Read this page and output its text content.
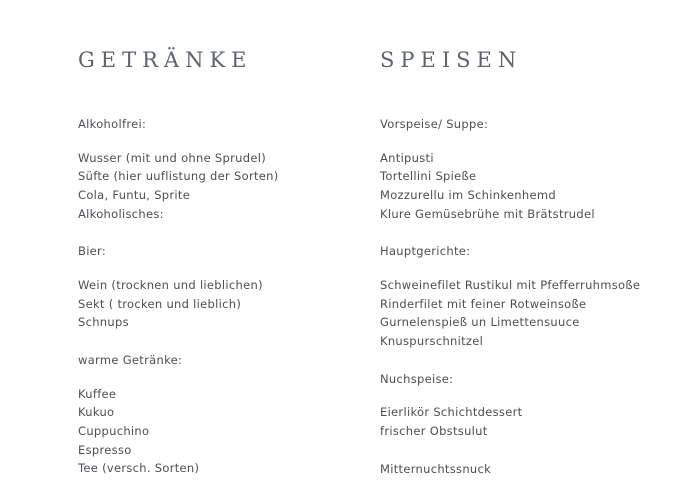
GETRÄNKE
Alkoholfrei:
Wusser (mit und ohne Sprudel)
Süfte (hier uuflistung der Sorten)
Cola, Funtu, Sprite
Alkoholisches:
Bier:
Wein (trocknen und lieblichen)
Sekt ( trocken und lieblich)
Schnups
warme Getränke:
Kuffee
Kukuo
Cuppuchino
Espresso
Tee (versch. Sorten)
SPEISEN
Vorspeise/ Suppe:
Antipusti
Tortellini Spieße
Mozzurellu im Schinkenhemd
Klure Gemüsebrühe mit Brätstrudel
Hauptgerichte:
Schweinefilet Rustikul mit Pfefferruhmsoße
Rinderfilet mit feiner Rotweinsoße
Gurnelenspieß un Limettensuuce
Knuspurschnitzel
Nuchspeise:
Eierlikör Schichtdessert
frischer Obstsulut
Mitternuchtssnuck
